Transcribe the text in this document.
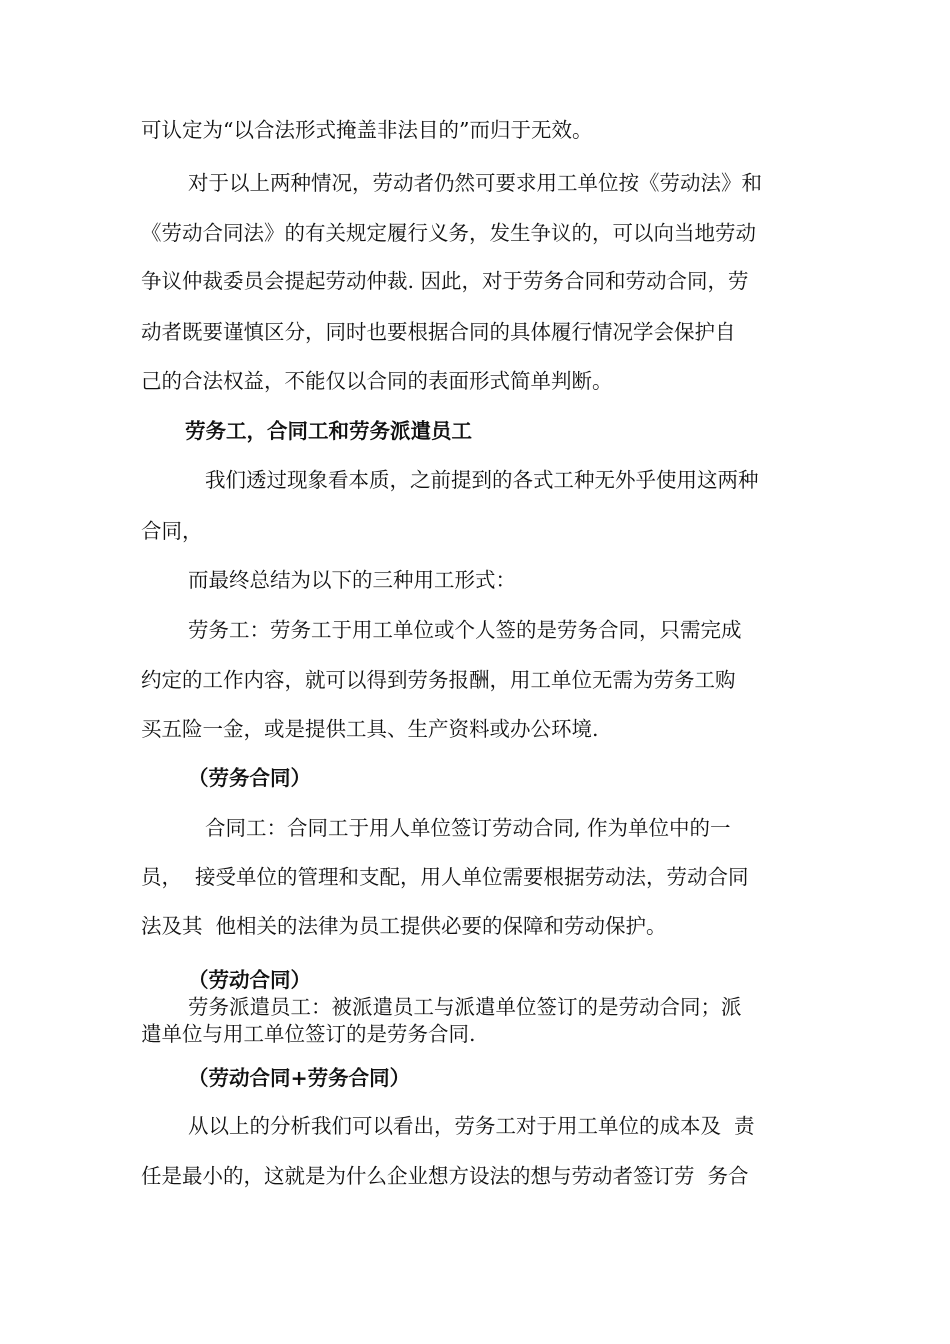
可认定为“以合法形式掩盖非法目的”而归于无效。
对于以上两种情况，劳动者仍然可要求用工单位按《劳动法》和
《劳动合同法》的有关规定履行义务，发生争议的，可以向当地劳动
争议仲裁委员会提起劳动仲裁. 因此，对于劳务合同和劳动合同，劳
动者既要谨慎区分，同时也要根据合同的具体履行情况学会保护自
己的合法权益，不能仅以合同的表面形式简单判断。
劳务工，合同工和劳务派遣员工
我们透过现象看本质，之前提到的各式工种无外乎使用这两种
合同，
而最终总结为以下的三种用工形式：
劳务工：劳务工于用工单位或个人签的是劳务合同，只需完成
约定的工作内容，就可以得到劳务报酬，用工单位无需为劳务工购
买五险一金，或是提供工具、生产资料或办公环境.
（劳务合同）
合同工：合同工于用人单位签订劳动合同, 作为单位中的一
员，  接受单位的管理和支配，用人单位需要根据劳动法，劳动合同
法及其  他相关的法律为员工提供必要的保障和劳动保护。
（劳动合同）
劳务派遣员工：被派遣员工与派遣单位签订的是劳动合同；派
遣单位与用工单位签订的是劳务合同.
（劳动合同+劳务合同）
从以上的分析我们可以看出，劳务工对于用工单位的成本及  责
任是最小的，这就是为什么企业想方设法的想与劳动者签订劳  务合
